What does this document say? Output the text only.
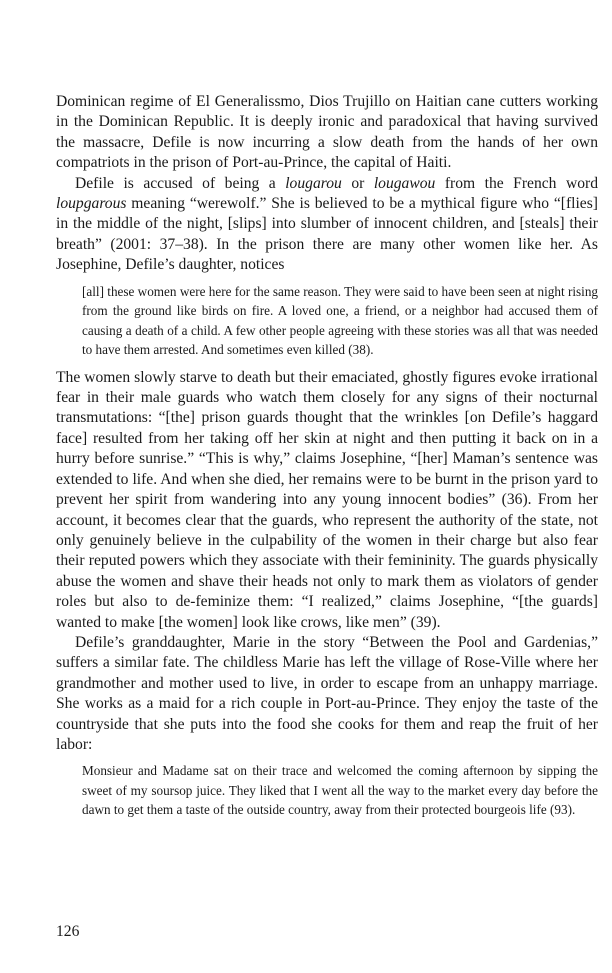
Dominican regime of El Generalissmo, Dios Trujillo on Haitian cane cutters working in the Dominican Republic. It is deeply ironic and paradoxical that having survived the massacre, Defile is now incurring a slow death from the hands of her own compatriots in the prison of Port-au-Prince, the capital of Haiti.

Defile is accused of being a lougarou or lougawou from the French word loupgarous meaning “werewolf.” She is believed to be a mythical figure who “[flies] in the middle of the night, [slips] into slumber of innocent children, and [steals] their breath” (2001: 37–38). In the prison there are many other women like her. As Josephine, Defile’s daughter, notices

[all] these women were here for the same reason. They were said to have been seen at night rising from the ground like birds on fire. A loved one, a friend, or a neighbor had accused them of causing a death of a child. A few other people agreeing with these stories was all that was needed to have them arrested. And sometimes even killed (38).

The women slowly starve to death but their emaciated, ghostly figures evoke irrational fear in their male guards who watch them closely for any signs of their nocturnal transmutations: “[the] prison guards thought that the wrinkles [on Defile’s haggard face] resulted from her taking off her skin at night and then putting it back on in a hurry before sunrise.” “This is why,” claims Josephine, “[her] Maman’s sentence was extended to life. And when she died, her remains were to be burnt in the prison yard to prevent her spirit from wandering into any young innocent bodies” (36). From her account, it becomes clear that the guards, who represent the authority of the state, not only genuinely believe in the culpability of the women in their charge but also fear their reputed powers which they associate with their femininity. The guards physically abuse the women and shave their heads not only to mark them as violators of gender roles but also to de-feminize them: “I realized,” claims Josephine, “[the guards] wanted to make [the women] look like crows, like men” (39).

Defile’s granddaughter, Marie in the story “Between the Pool and Gardenias,” suffers a similar fate. The childless Marie has left the village of Rose-Ville where her grandmother and mother used to live, in order to escape from an unhappy marriage. She works as a maid for a rich couple in Port-au-Prince. They enjoy the taste of the countryside that she puts into the food she cooks for them and reap the fruit of her labor:

Monsieur and Madame sat on their trace and welcomed the coming afternoon by sipping the sweet of my soursop juice. They liked that I went all the way to the market every day before the dawn to get them a taste of the outside country, away from their protected bourgeois life (93).
126
